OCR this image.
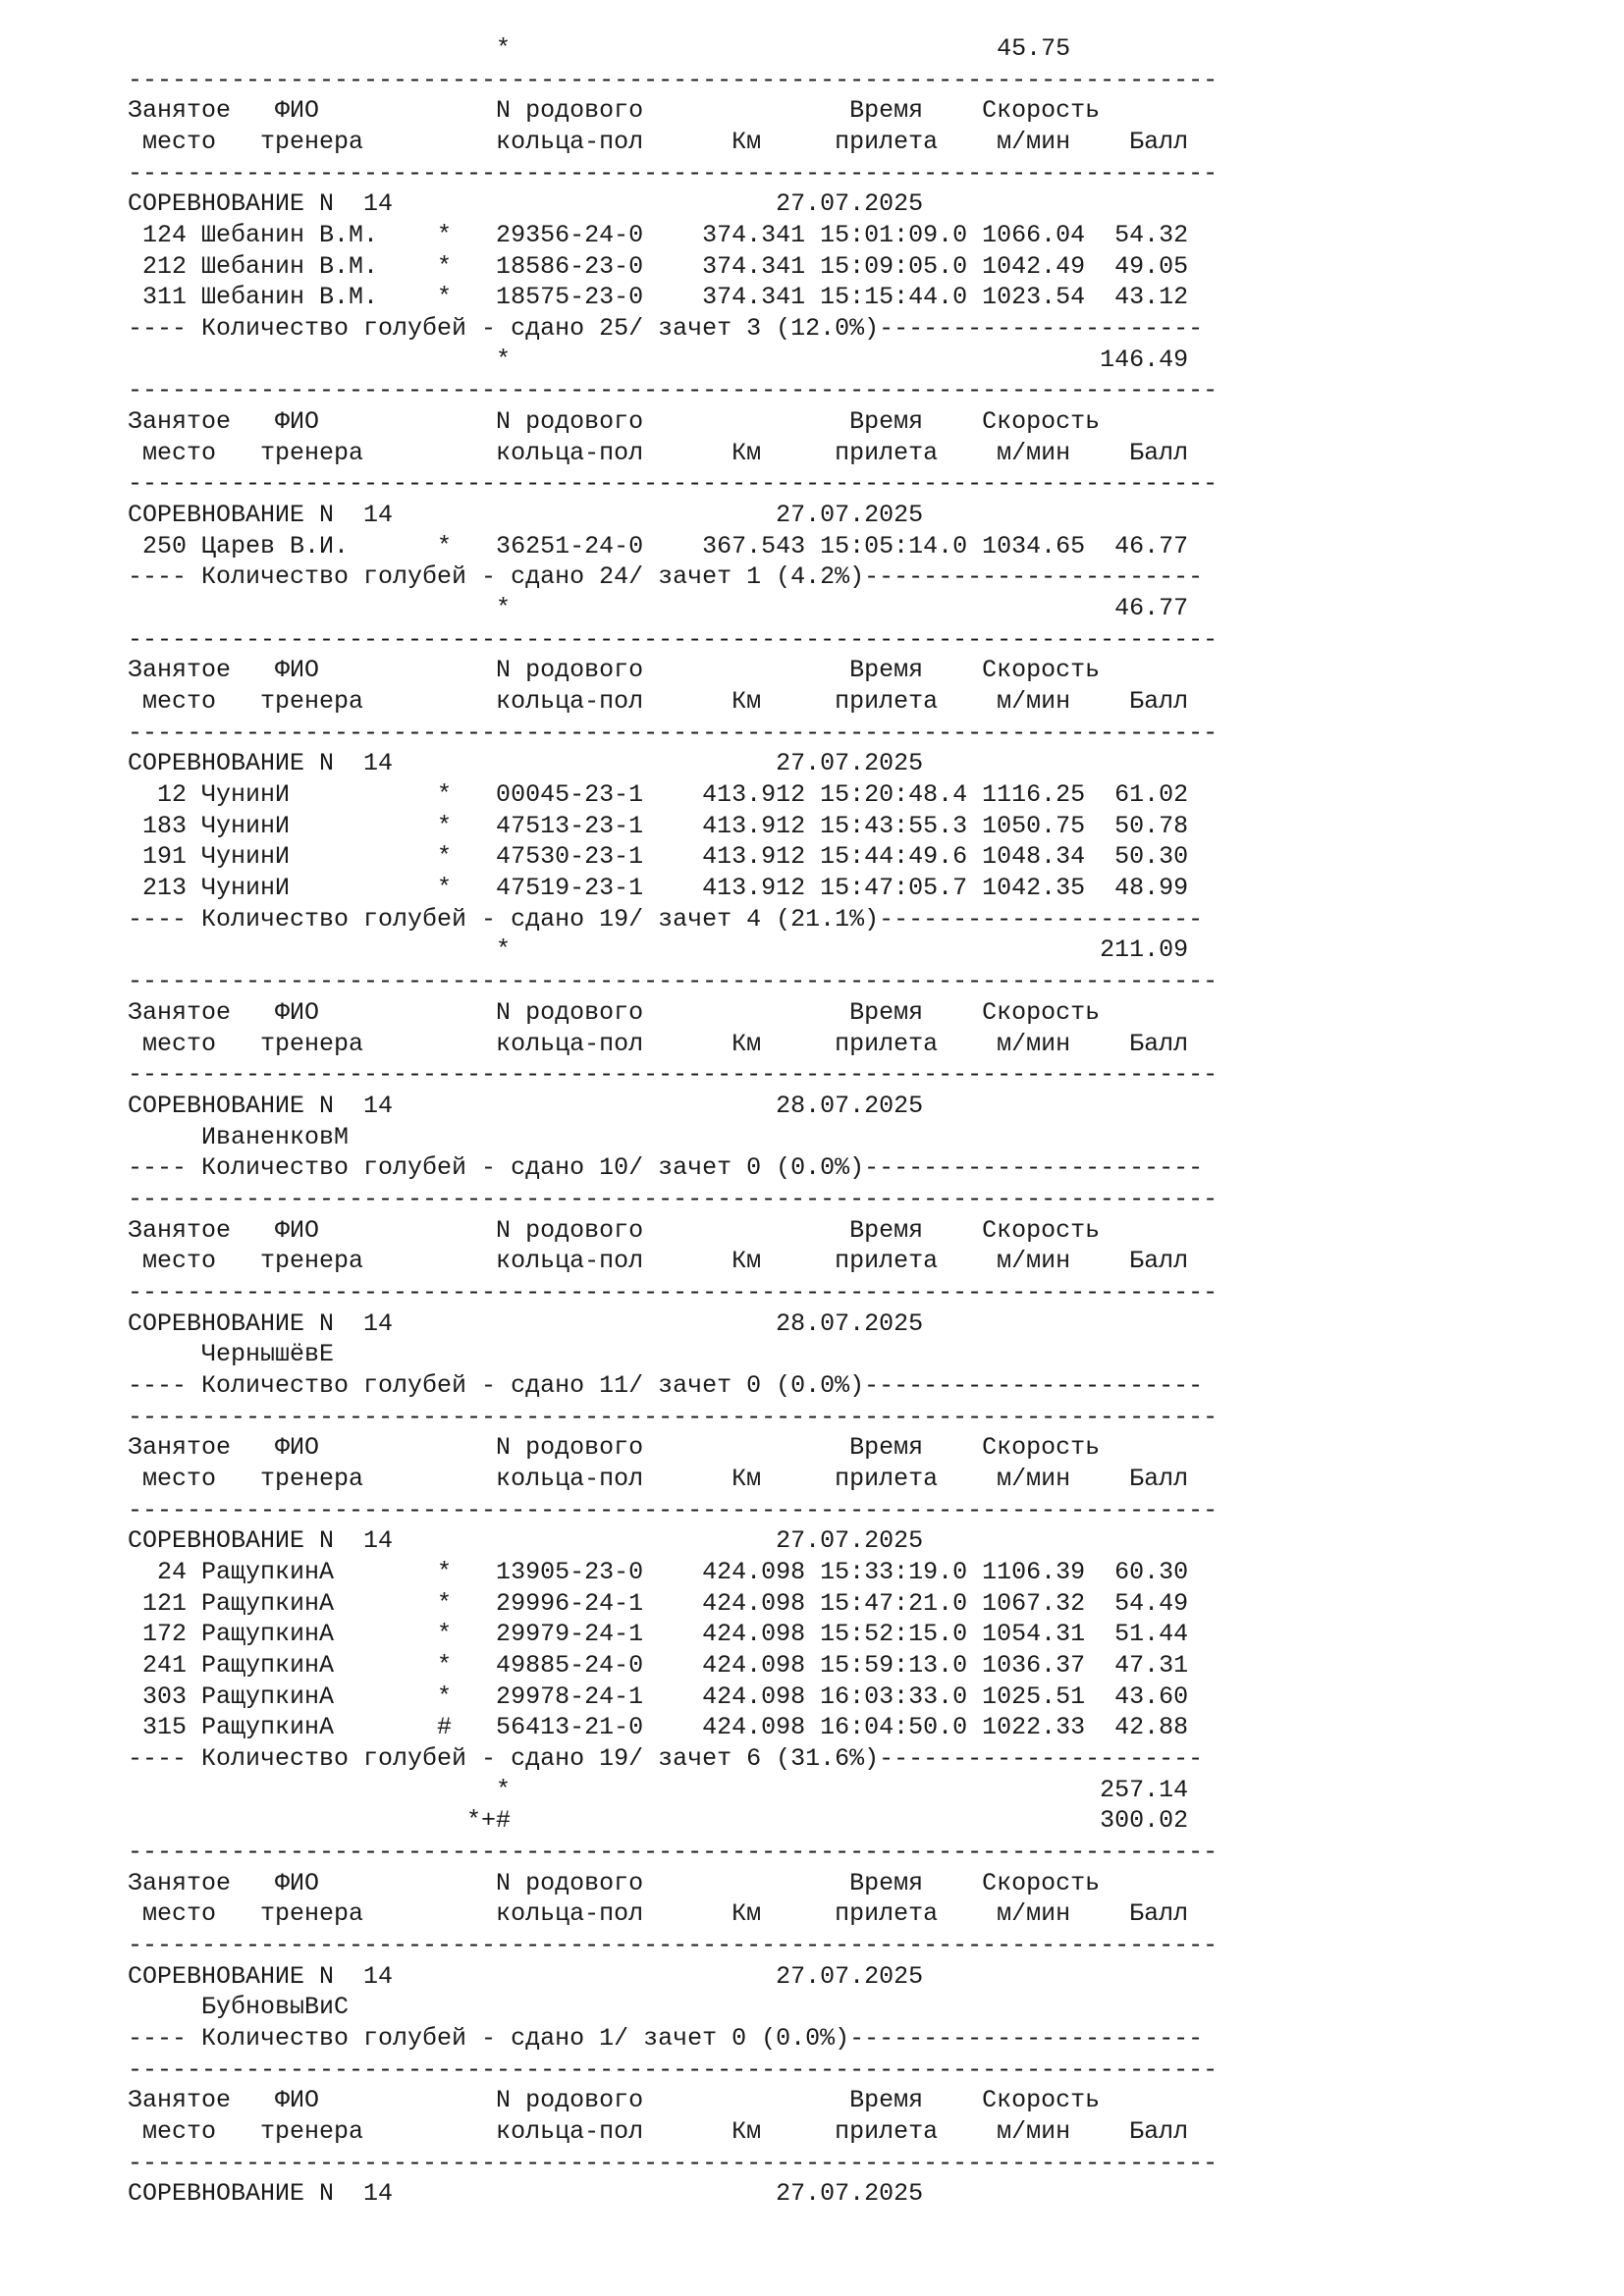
*                                 45.75
--------------------------------------------------------------------------
Занятое   ФИО            N родового              Время    Скорость
место   тренера         кольца-пол      Км     прилета    м/мин    Балл
--------------------------------------------------------------------------
СОРЕВНОВАНИЕ N  14                          27.07.2025
124 Шебанин В.М.    *   29356-24-0    374.341 15:01:09.0 1066.04  54.32
212 Шебанин В.М.    *   18586-23-0    374.341 15:09:05.0 1042.49  49.05
311 Шебанин В.М.    *   18575-23-0    374.341 15:15:44.0 1023.54  43.12
---- Количество голубей - сдано 25/ зачет 3 (12.0%)----------------------
*                                        146.49
--------------------------------------------------------------------------
Занятое   ФИО            N родового              Время    Скорость
место   тренера         кольца-пол      Км     прилета    м/мин    Балл
--------------------------------------------------------------------------
СОРЕВНОВАНИЕ N  14                          27.07.2025
250 Царев В.И.      *   36251-24-0    367.543 15:05:14.0 1034.65  46.77
---- Количество голубей - сдано 24/ зачет 1 (4.2%)-----------------------
*                                         46.77
--------------------------------------------------------------------------
Занятое   ФИО            N родового              Время    Скорость
место   тренера         кольца-пол      Км     прилета    м/мин    Балл
--------------------------------------------------------------------------
СОРЕВНОВАНИЕ N  14                          27.07.2025
12 ЧунинИ          *   00045-23-1    413.912 15:20:48.4 1116.25  61.02
183 ЧунинИ          *   47513-23-1    413.912 15:43:55.3 1050.75  50.78
191 ЧунинИ          *   47530-23-1    413.912 15:44:49.6 1048.34  50.30
213 ЧунинИ          *   47519-23-1    413.912 15:47:05.7 1042.35  48.99
---- Количество голубей - сдано 19/ зачет 4 (21.1%)----------------------
*                                        211.09
--------------------------------------------------------------------------
Занятое   ФИО            N родового              Время    Скорость
место   тренера         кольца-пол      Км     прилета    м/мин    Балл
--------------------------------------------------------------------------
СОРЕВНОВАНИЕ N  14                          28.07.2025
ИваненковМ
---- Количество голубей - сдано 10/ зачет 0 (0.0%)-----------------------
--------------------------------------------------------------------------
Занятое   ФИО            N родового              Время    Скорость
место   тренера         кольца-пол      Км     прилета    м/мин    Балл
--------------------------------------------------------------------------
СОРЕВНОВАНИЕ N  14                          28.07.2025
ЧернышёвЕ
---- Количество голубей - сдано 11/ зачет 0 (0.0%)-----------------------
--------------------------------------------------------------------------
Занятое   ФИО            N родового              Время    Скорость
место   тренера         кольца-пол      Км     прилета    м/мин    Балл
--------------------------------------------------------------------------
СОРЕВНОВАНИЕ N  14                          27.07.2025
24 РащупкинА       *   13905-23-0    424.098 15:33:19.0 1106.39  60.30
121 РащупкинА       *   29996-24-1    424.098 15:47:21.0 1067.32  54.49
172 РащупкинА       *   29979-24-1    424.098 15:52:15.0 1054.31  51.44
241 РащупкинА       *   49885-24-0    424.098 15:59:13.0 1036.37  47.31
303 РащупкинА       *   29978-24-1    424.098 16:03:33.0 1025.51  43.60
315 РащупкинА       #   56413-21-0    424.098 16:04:50.0 1022.33  42.88
---- Количество голубей - сдано 19/ зачет 6 (31.6%)----------------------
*                                        257.14
*+#                                        300.02
--------------------------------------------------------------------------
Занятое   ФИО            N родового              Время    Скорость
место   тренера         кольца-пол      Км     прилета    м/мин    Балл
--------------------------------------------------------------------------
СОРЕВНОВАНИЕ N  14                          27.07.2025
БубновыВиС
---- Количество голубей - сдано 1/ зачет 0 (0.0%)------------------------
--------------------------------------------------------------------------
Занятое   ФИО            N родового              Время    Скорость
место   тренера         кольца-пол      Км     прилета    м/мин    Балл
--------------------------------------------------------------------------
СОРЕВНОВАНИЕ N  14                          27.07.2025
